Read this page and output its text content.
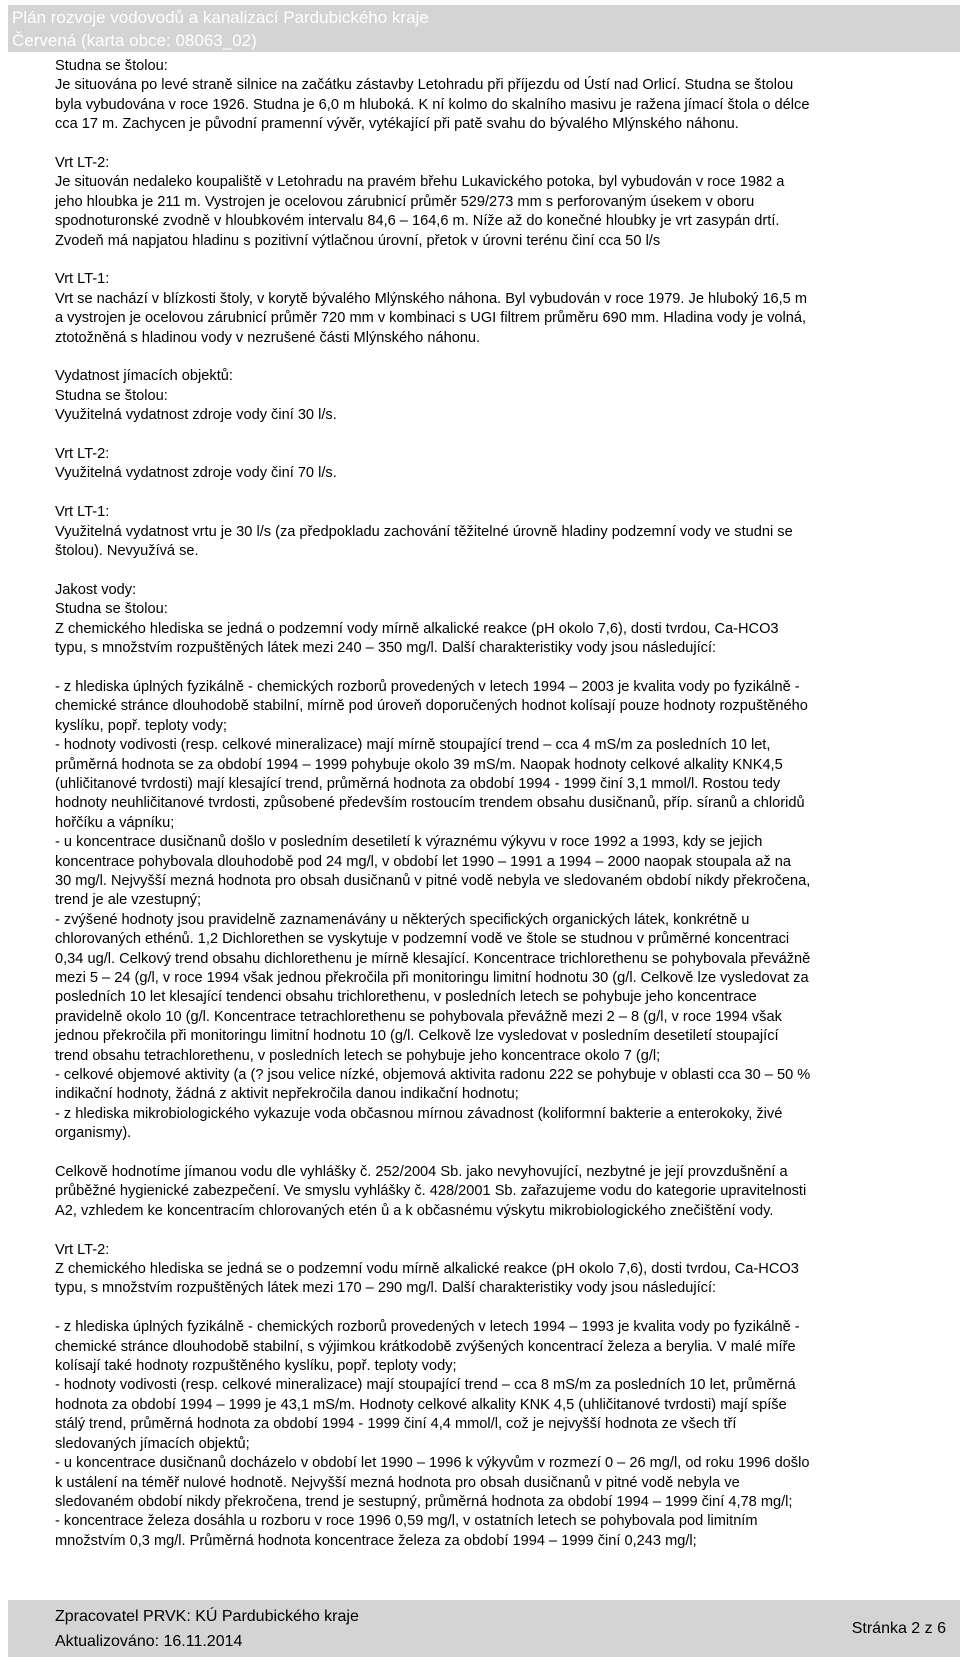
Plán rozvoje vodovodů a kanalizací Pardubického kraje
Červená (karta obce: 08063_02)

Studna se štolou:
Je situována po levé straně silnice na začátku zástavby Letohradu při příjezdu od Ústí nad Orlicí. Studna se štolou
byla vybudována v roce 1926. Studna je 6,0 m hluboká. K ní kolmo do skalního masivu je ražena jímací štola o délce
cca 17 m. Zachycen je původní pramenní vývěr, vytékající při patě svahu do bývalého Mlýnského náhonu.

Vrt LT-2:
Je situován nedaleko koupaliště v Letohradu na pravém břehu Lukavického potoka, byl vybudován v roce 1982 a
jeho hloubka je 211 m. Vystrojen je ocelovou zárubnicí průměr 529/273 mm s perforovaným úsekem v oboru
spodnoturonské zvodně v hloubkovém intervalu 84,6 – 164,6 m. Níže až do konečné hloubky je vrt zasypán drtí.
Zvodeň má napjatou hladinu s pozitivní výtlačnou úrovní, přetok v úrovni terénu činí cca 50 l/s

Vrt LT-1:
Vrt se nachází v blízkosti štoly, v korytě bývalého Mlýnského náhona. Byl vybudován v roce 1979. Je hluboký 16,5 m
a vystrojen je ocelovou zárubnicí průměr 720 mm v kombinaci s UGI filtrem průměru 690 mm. Hladina vody je volná,
ztotožněná s hladinou vody v nezrušené části Mlýnského náhonu.

Vydatnost jímacích objektů:
Studna se štolou:
Využitelná vydatnost zdroje vody činí 30 l/s.

Vrt LT-2:
Využitelná vydatnost zdroje vody činí 70 l/s.

Vrt LT-1:
Využitelná vydatnost vrtu je 30 l/s (za předpokladu zachování těžitelné úrovně hladiny podzemní vody ve studni se
štolou). Nevyužívá se.

Jakost vody:
Studna se štolou:
Z chemického hlediska se jedná o podzemní vody mírně alkalické reakce (pH okolo 7,6), dosti tvrdou, Ca-HCO3
typu, s množstvím rozpuštěných látek mezi 240 – 350 mg/l. Další charakteristiky vody jsou následující:

- z hlediska úplných fyzikálně - chemických rozborů provedených v letech 1994 – 2003 je kvalita vody po fyzikálně -
chemické stránce dlouhodobě stabilní, mírně pod úroveň doporučených hodnot kolísají pouze hodnoty rozpuštěného
kyslíku, popř. teploty vody;
- hodnoty vodivosti (resp. celkové mineralizace) mají mírně stoupající trend – cca 4 mS/m za posledních 10 let,
průměrná hodnota se za období 1994 – 1999 pohybuje okolo 39 mS/m. Naopak hodnoty celkové alkality KNK4,5
(uhličitanové tvrdosti) mají klesající trend, průměrná hodnota za období 1994 - 1999 činí 3,1 mmol/l. Rostou tedy
hodnoty neuhličitanové tvrdosti, způsobené především rostoucím trendem obsahu dusičnanů, příp. síranů a chloridů
hořčíku a vápníku;
- u koncentrace dusičnanů došlo v posledním desetiletí k výraznému výkyvu v roce 1992 a 1993, kdy se jejich
koncentrace pohybovala dlouhodobě pod 24 mg/l, v období let 1990 – 1991 a 1994 – 2000 naopak stoupala až na
30 mg/l. Nejvyšší mezná hodnota pro obsah dusičnanů v pitné vodě nebyla ve sledovaném období nikdy překročena,
trend je ale vzestupný;
- zvýšené hodnoty jsou pravidelně zaznamenávány u některých specifických organických látek, konkrétně u
chlorovaných ethénů. 1,2 Dichlorethen se vyskytuje v podzemní vodě ve štole se studnou v průměrné koncentraci
0,34 ug/l. Celkový trend obsahu dichlorethenu je mírně klesající. Koncentrace trichlorethenu se pohybovala převážně
mezi 5 – 24 (g/l, v roce 1994 však jednou překročila při monitoringu limitní hodnotu 30 (g/l. Celkově lze vysledovat za
posledních 10 let klesající tendenci obsahu trichlorethenu, v posledních letech se pohybuje jeho koncentrace
pravidelně okolo 10 (g/l. Koncentrace tetrachlorethenu se pohybovala převážně mezi 2 – 8 (g/l, v roce 1994 však
jednou překročila při monitoringu limitní hodnotu 10 (g/l. Celkově lze vysledovat v posledním desetiletí stoupající
trend obsahu tetrachlorethenu, v posledních letech se pohybuje jeho koncentrace okolo 7 (g/l;
- celkové objemové aktivity (a (? jsou velice nízké, objemová aktivita radonu 222 se pohybuje v oblasti cca 30 – 50 %
indikační hodnoty, žádná z aktivit nepřekročila danou indikační hodnotu;
- z hlediska mikrobiologického vykazuje voda občasnou mírnou závadnost (koliformní bakterie a enterokoky, živé
organismy).

Celkově hodnotíme jímanou vodu dle vyhlášky č. 252/2004 Sb. jako nevyhovující, nezbytné je její provzdušnění a
průběžné hygienické zabezpečení. Ve smyslu vyhlášky č. 428/2001 Sb. zařazujeme vodu do kategorie upravitelnosti
A2, vzhledem ke koncentracím chlorovaných etén ů a k občasnému výskytu mikrobiologického znečištění vody.

Vrt LT-2:
Z chemického hlediska se jedná se o podzemní vodu mírně alkalické reakce (pH okolo 7,6), dosti tvrdou, Ca-HCO3
typu, s množstvím rozpuštěných látek mezi 170 – 290 mg/l. Další charakteristiky vody jsou následující:

- z hlediska úplných fyzikálně - chemických rozborů provedených v letech 1994 – 1993 je kvalita vody po fyzikálně -
chemické stránce dlouhodobě stabilní, s výjimkou krátkodobě zvýšených koncentrací železa a berylia. V malé míře
kolísají také hodnoty rozpuštěného kyslíku, popř. teploty vody;
- hodnoty vodivosti (resp. celkové mineralizace) mají stoupající trend – cca 8 mS/m za posledních 10 let, průměrná
hodnota za období 1994 – 1999 je 43,1 mS/m. Hodnoty celkové alkality KNK 4,5 (uhličitanové tvrdosti) mají spíše
stálý trend, průměrná hodnota za období 1994 - 1999 činí 4,4 mmol/l, což je nejvyšší hodnota ze všech tří
sledovaných jímacích objektů;
- u koncentrace dusičnanů docházelo v období let 1990 – 1996 k výkyvům v rozmezí 0 – 26 mg/l, od roku 1996 došlo
k ustálení na téměř nulové hodnotě. Nejvyšší mezná hodnota pro obsah dusičnanů v pitné vodě nebyla ve
sledovaném období nikdy překročena, trend je sestupný, průměrná hodnota za období 1994 – 1999 činí 4,78 mg/l;
- koncentrace železa dosáhla u rozboru v roce 1996 0,59 mg/l, v ostatních letech se pohybovala pod limitním
množstvím 0,3 mg/l. Průměrná hodnota koncentrace železa za období 1994 – 1999 činí 0,243 mg/l;

Zpracovatel PRVK: KÚ Pardubického kraje
Aktualizováno: 16.11.2014
Stránka 2 z 6
